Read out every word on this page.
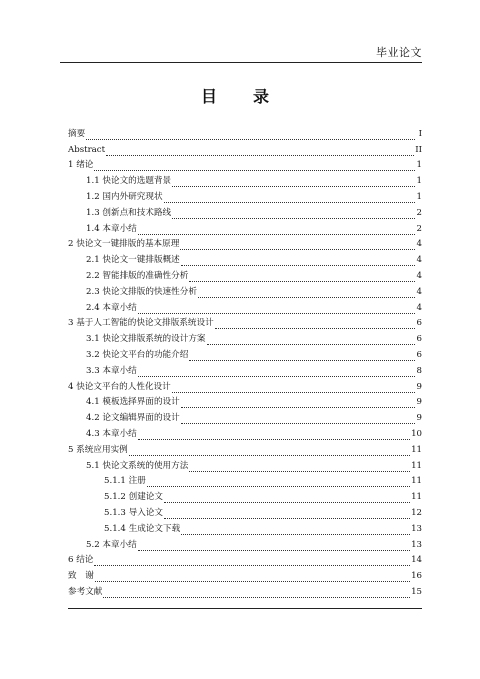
毕业论文
目　录
摘要	I
Abstract	II
1 绪论	1
1.1 快论文的选题背景	1
1.2 国内外研究现状	1
1.3 创新点和技术路线	2
1.4 本章小结	2
2 快论文一键排版的基本原理	4
2.1 快论文一键排版概述	4
2.2 智能排版的准确性分析	4
2.3 快论文排版的快速性分析	4
2.4 本章小结	4
3 基于人工智能的快论文排版系统设计	6
3.1 快论文排版系统的设计方案	6
3.2 快论文平台的功能介绍	6
3.3 本章小结	8
4 快论文平台的人性化设计	9
4.1 模板选择界面的设计	9
4.2 论文编辑界面的设计	9
4.3 本章小结	10
5 系统应用实例	11
5.1 快论文系统的使用方法	11
5.1.1 注册	11
5.1.2 创建论文	11
5.1.3 导入论文	12
5.1.4 生成论文下载	13
5.2 本章小结	13
6 结论	14
致　谢	16
参考文献	15
